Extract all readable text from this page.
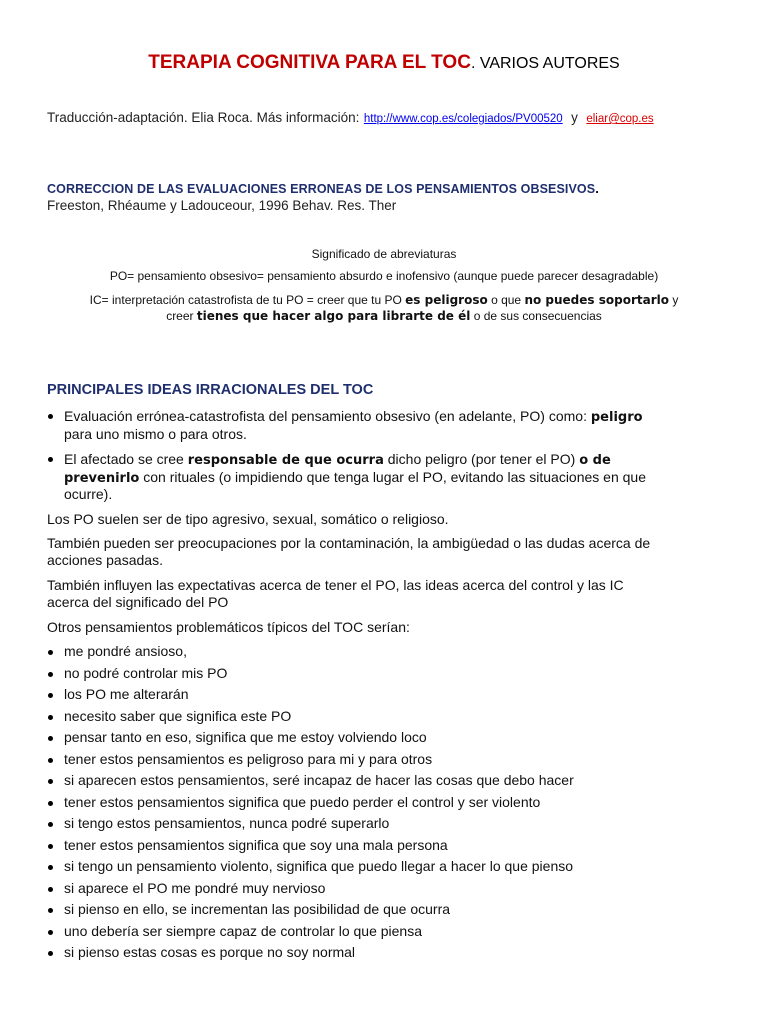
TERAPIA COGNITIVA PARA EL TOC. VARIOS AUTORES
Traducción-adaptación. Elia Roca. Más información: http://www.cop.es/colegiados/PV00520 y eliar@cop.es
CORRECCION DE LAS EVALUACIONES ERRONEAS DE LOS PENSAMIENTOS OBSESIVOS.
Freeston, Rhéaume y Ladouceour, 1996 Behav. Res. Ther
Significado de abreviaturas
PO= pensamiento obsesivo= pensamiento absurdo e inofensivo (aunque puede parecer desagradable)
IC= interpretación catastrofista de tu PO = creer que tu PO es peligroso o que no puedes soportarlo y
creer tienes que hacer algo para librarte de él o de sus consecuencias
PRINCIPALES IDEAS IRRACIONALES DEL TOC
Evaluación errónea-catastrofista del pensamiento obsesivo (en adelante, PO) como: peligro
para uno mismo o para otros.
El afectado se cree responsable de que ocurra dicho peligro (por tener el PO) o de
prevenirlo con rituales (o impidiendo que tenga lugar el PO, evitando las situaciones en que
ocurre).
Los PO suelen ser de tipo agresivo, sexual, somático o religioso.
También pueden ser preocupaciones por la contaminación, la ambigüedad o las dudas acerca de
acciones pasadas.
También influyen las expectativas acerca de tener el PO, las ideas acerca del control y las IC
acerca del significado del PO
Otros pensamientos problemáticos típicos del TOC serían:
me pondré ansioso,
no podré controlar mis PO
los PO me alterarán
necesito saber que significa este PO
pensar tanto en eso, significa que me estoy volviendo loco
tener estos pensamientos es peligroso para mi y para otros
si aparecen estos pensamientos, seré incapaz de hacer las cosas que debo hacer
tener estos pensamientos significa que puedo perder el control y ser violento
si tengo estos pensamientos, nunca podré superarlo
tener estos pensamientos significa que soy una mala persona
si tengo un pensamiento violento, significa que puedo llegar a hacer lo que pienso
si aparece el PO me pondré muy nervioso
si pienso en ello, se incrementan las posibilidad de que ocurra
uno debería ser siempre capaz de controlar lo que piensa
si pienso estas cosas es porque no soy normal
